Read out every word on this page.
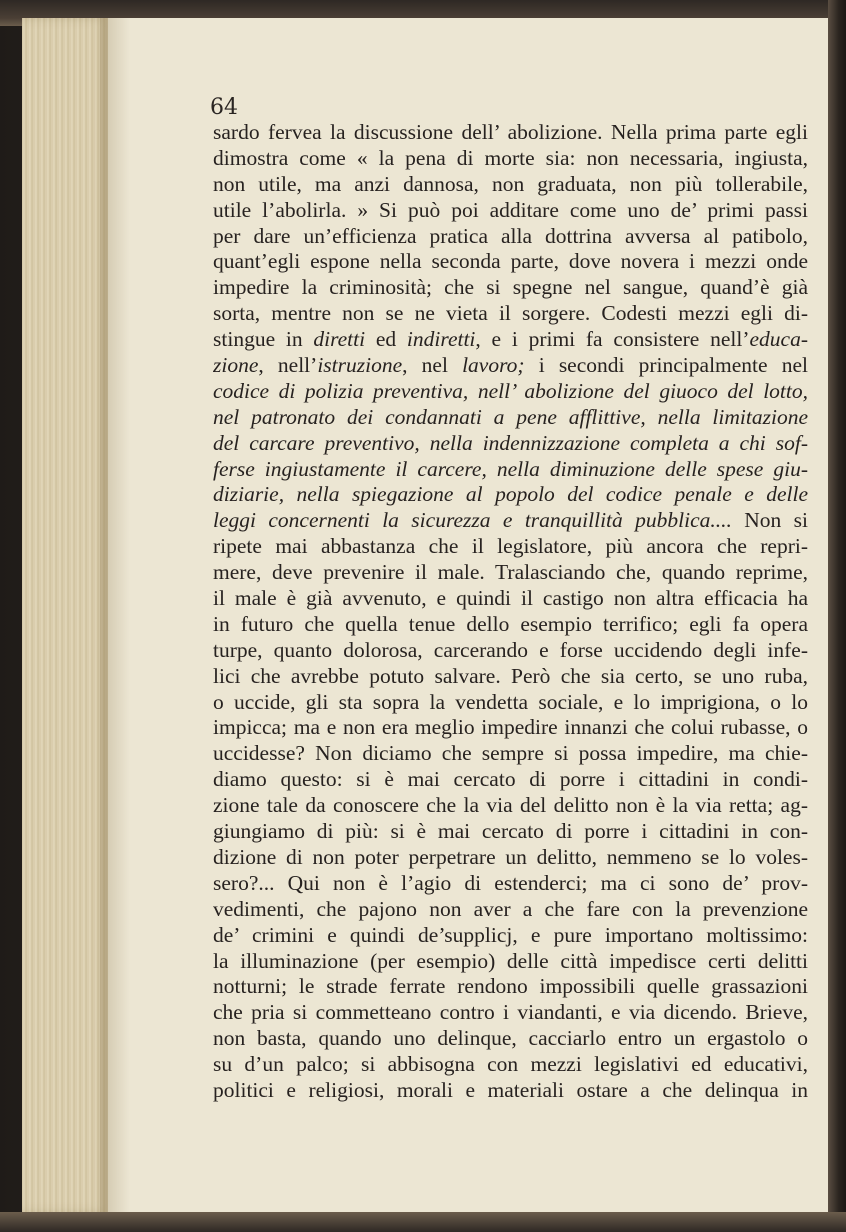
64
sardo fervea la discussione dell’ abolizione. Nella prima parte egli
dimostra come « la pena di morte sia: non necessaria, ingiusta,
non utile, ma anzi dannosa, non graduata, non più tollerabile,
utile l’abolirla. » Si può poi additare come uno de’ primi passi
per dare un’efficienza pratica alla dottrina avversa al patibolo,
quant’egli espone nella seconda parte, dove novera i mezzi onde
impedire la criminosità; che si spegne nel sangue, quand’è già
sorta, mentre non se ne vieta il sorgere. Codesti mezzi egli di-
stingue in diretti ed indiretti, e i primi fa consistere nell’educa-
zione, nell’istruzione, nel lavoro; i secondi principalmente nel
codice di polizia preventiva, nell’ abolizione del giuoco del lotto,
nel patronato dei condannati a pene afflittive, nella limitazione
del carcare preventivo, nella indennizzazione completa a chi sof-
ferse ingiustamente il carcere, nella diminuzione delle spese giu-
diziarie, nella spiegazione al popolo del codice penale e delle
leggi concernenti la sicurezza e tranquillità pubblica.... Non si
ripete mai abbastanza che il legislatore, più ancora che repri-
mere, deve prevenire il male. Tralasciando che, quando reprime,
il male è già avvenuto, e quindi il castigo non altra efficacia ha
in futuro che quella tenue dello esempio terrifico; egli fa opera
turpe, quanto dolorosa, carcerando e forse uccidendo degli infe-
lici che avrebbe potuto salvare. Però che sia certo, se uno ruba,
o uccide, gli sta sopra la vendetta sociale, e lo imprigiona, o lo
impicca; ma e non era meglio impedire innanzi che colui rubasse, o
uccidesse? Non diciamo che sempre si possa impedire, ma chie-
diamo questo: si è mai cercato di porre i cittadini in condi-
zione tale da conoscere che la via del delitto non è la via retta; ag-
giungiamo di più: si è mai cercato di porre i cittadini in con-
dizione di non poter perpetrare un delitto, nemmeno se lo voles-
sero?... Qui non è l’agio di estenderci; ma ci sono de’ prov-
vedimenti, che pajono non aver a che fare con la prevenzione
de’ crimini e quindi de’supplicj, e pure importano moltissimo:
la illuminazione (per esempio) delle città impedisce certi delitti
notturni; le strade ferrate rendono impossibili quelle grassazioni
che pria si commetteano contro i viandanti, e via dicendo. Brieve,
non basta, quando uno delinque, cacciarlo entro un ergastolo o
su d’un palco; si abbisogna con mezzi legislativi ed educativi,
politici e religiosi, morali e materiali ostare a che delinqua in
